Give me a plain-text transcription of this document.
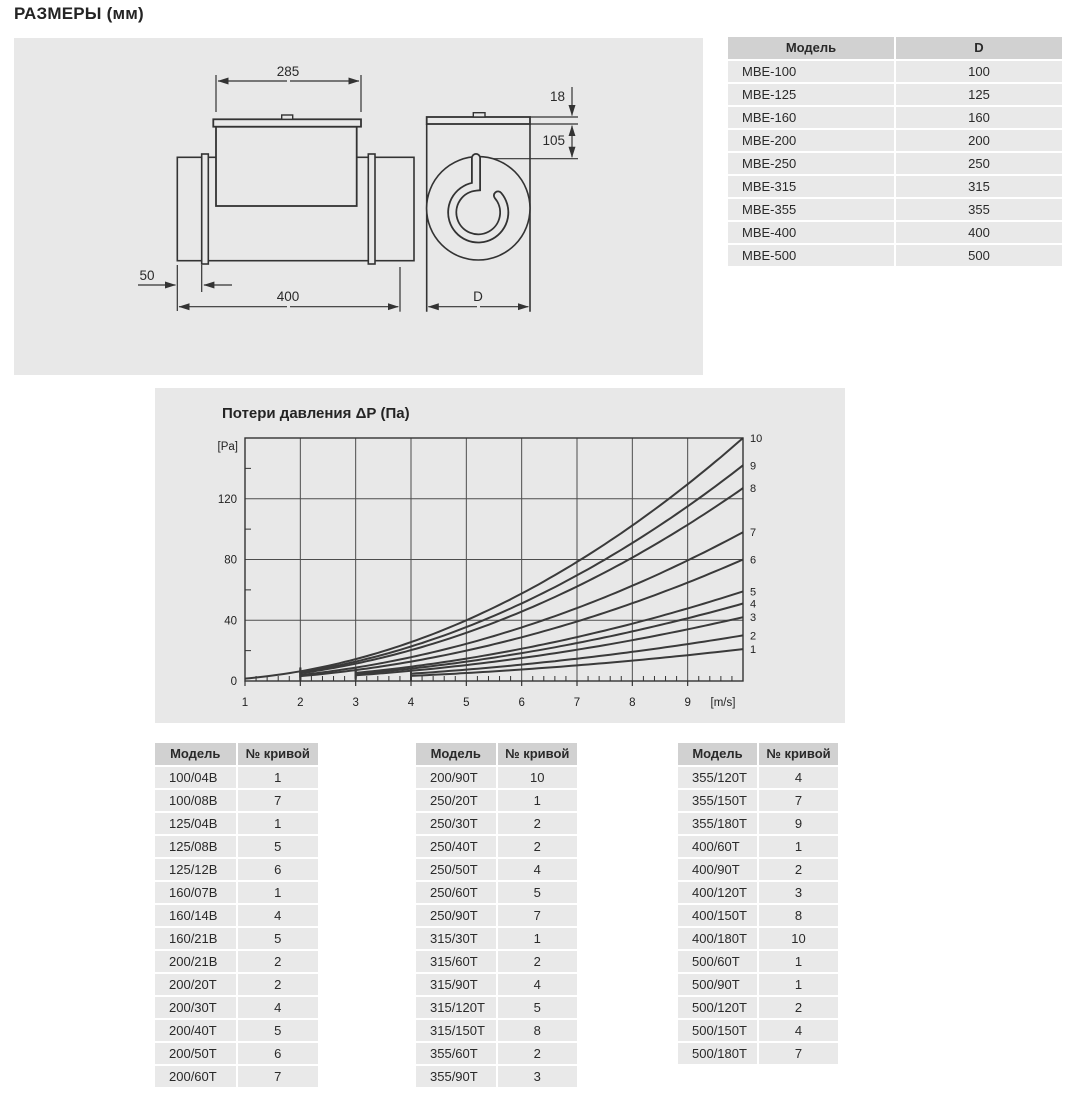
РАЗМЕРЫ (мм)
285
50
400
18
105
D
Модель	D
МВЕ-100	100
МВЕ-125	125
МВЕ-160	160
МВЕ-200	200
МВЕ-250	250
МВЕ-315	315
МВЕ-355	355
МВЕ-400	400
МВЕ-500	500
Потери давления ΔР (Па)
1
2
3
4
5
6
7
8
9
10
1	2	3	4	5	6	7	8	9
0
40
80
120
[Pa]
[m/s]
Модель	№ кривой
100/04В	1
100/08В	7
125/04В	1
125/08В	5
125/12В	6
160/07В	1
160/14В	4
160/21В	5
200/21В	2
200/20Т	2
200/30Т	4
200/40Т	5
200/50Т	6
200/60Т	7
Модель	№ кривой
200/90Т	10
250/20Т	1
250/30Т	2
250/40Т	2
250/50Т	4
250/60Т	5
250/90Т	7
315/30Т	1
315/60Т	2
315/90Т	4
315/120Т	5
315/150Т	8
355/60Т	2
355/90Т	3
Модель	№ кривой
355/120Т	4
355/150Т	7
355/180Т	9
400/60Т	1
400/90Т	2
400/120Т	3
400/150Т	8
400/180Т	10
500/60Т	1
500/90Т	1
500/120Т	2
500/150Т	4
500/180Т	7
